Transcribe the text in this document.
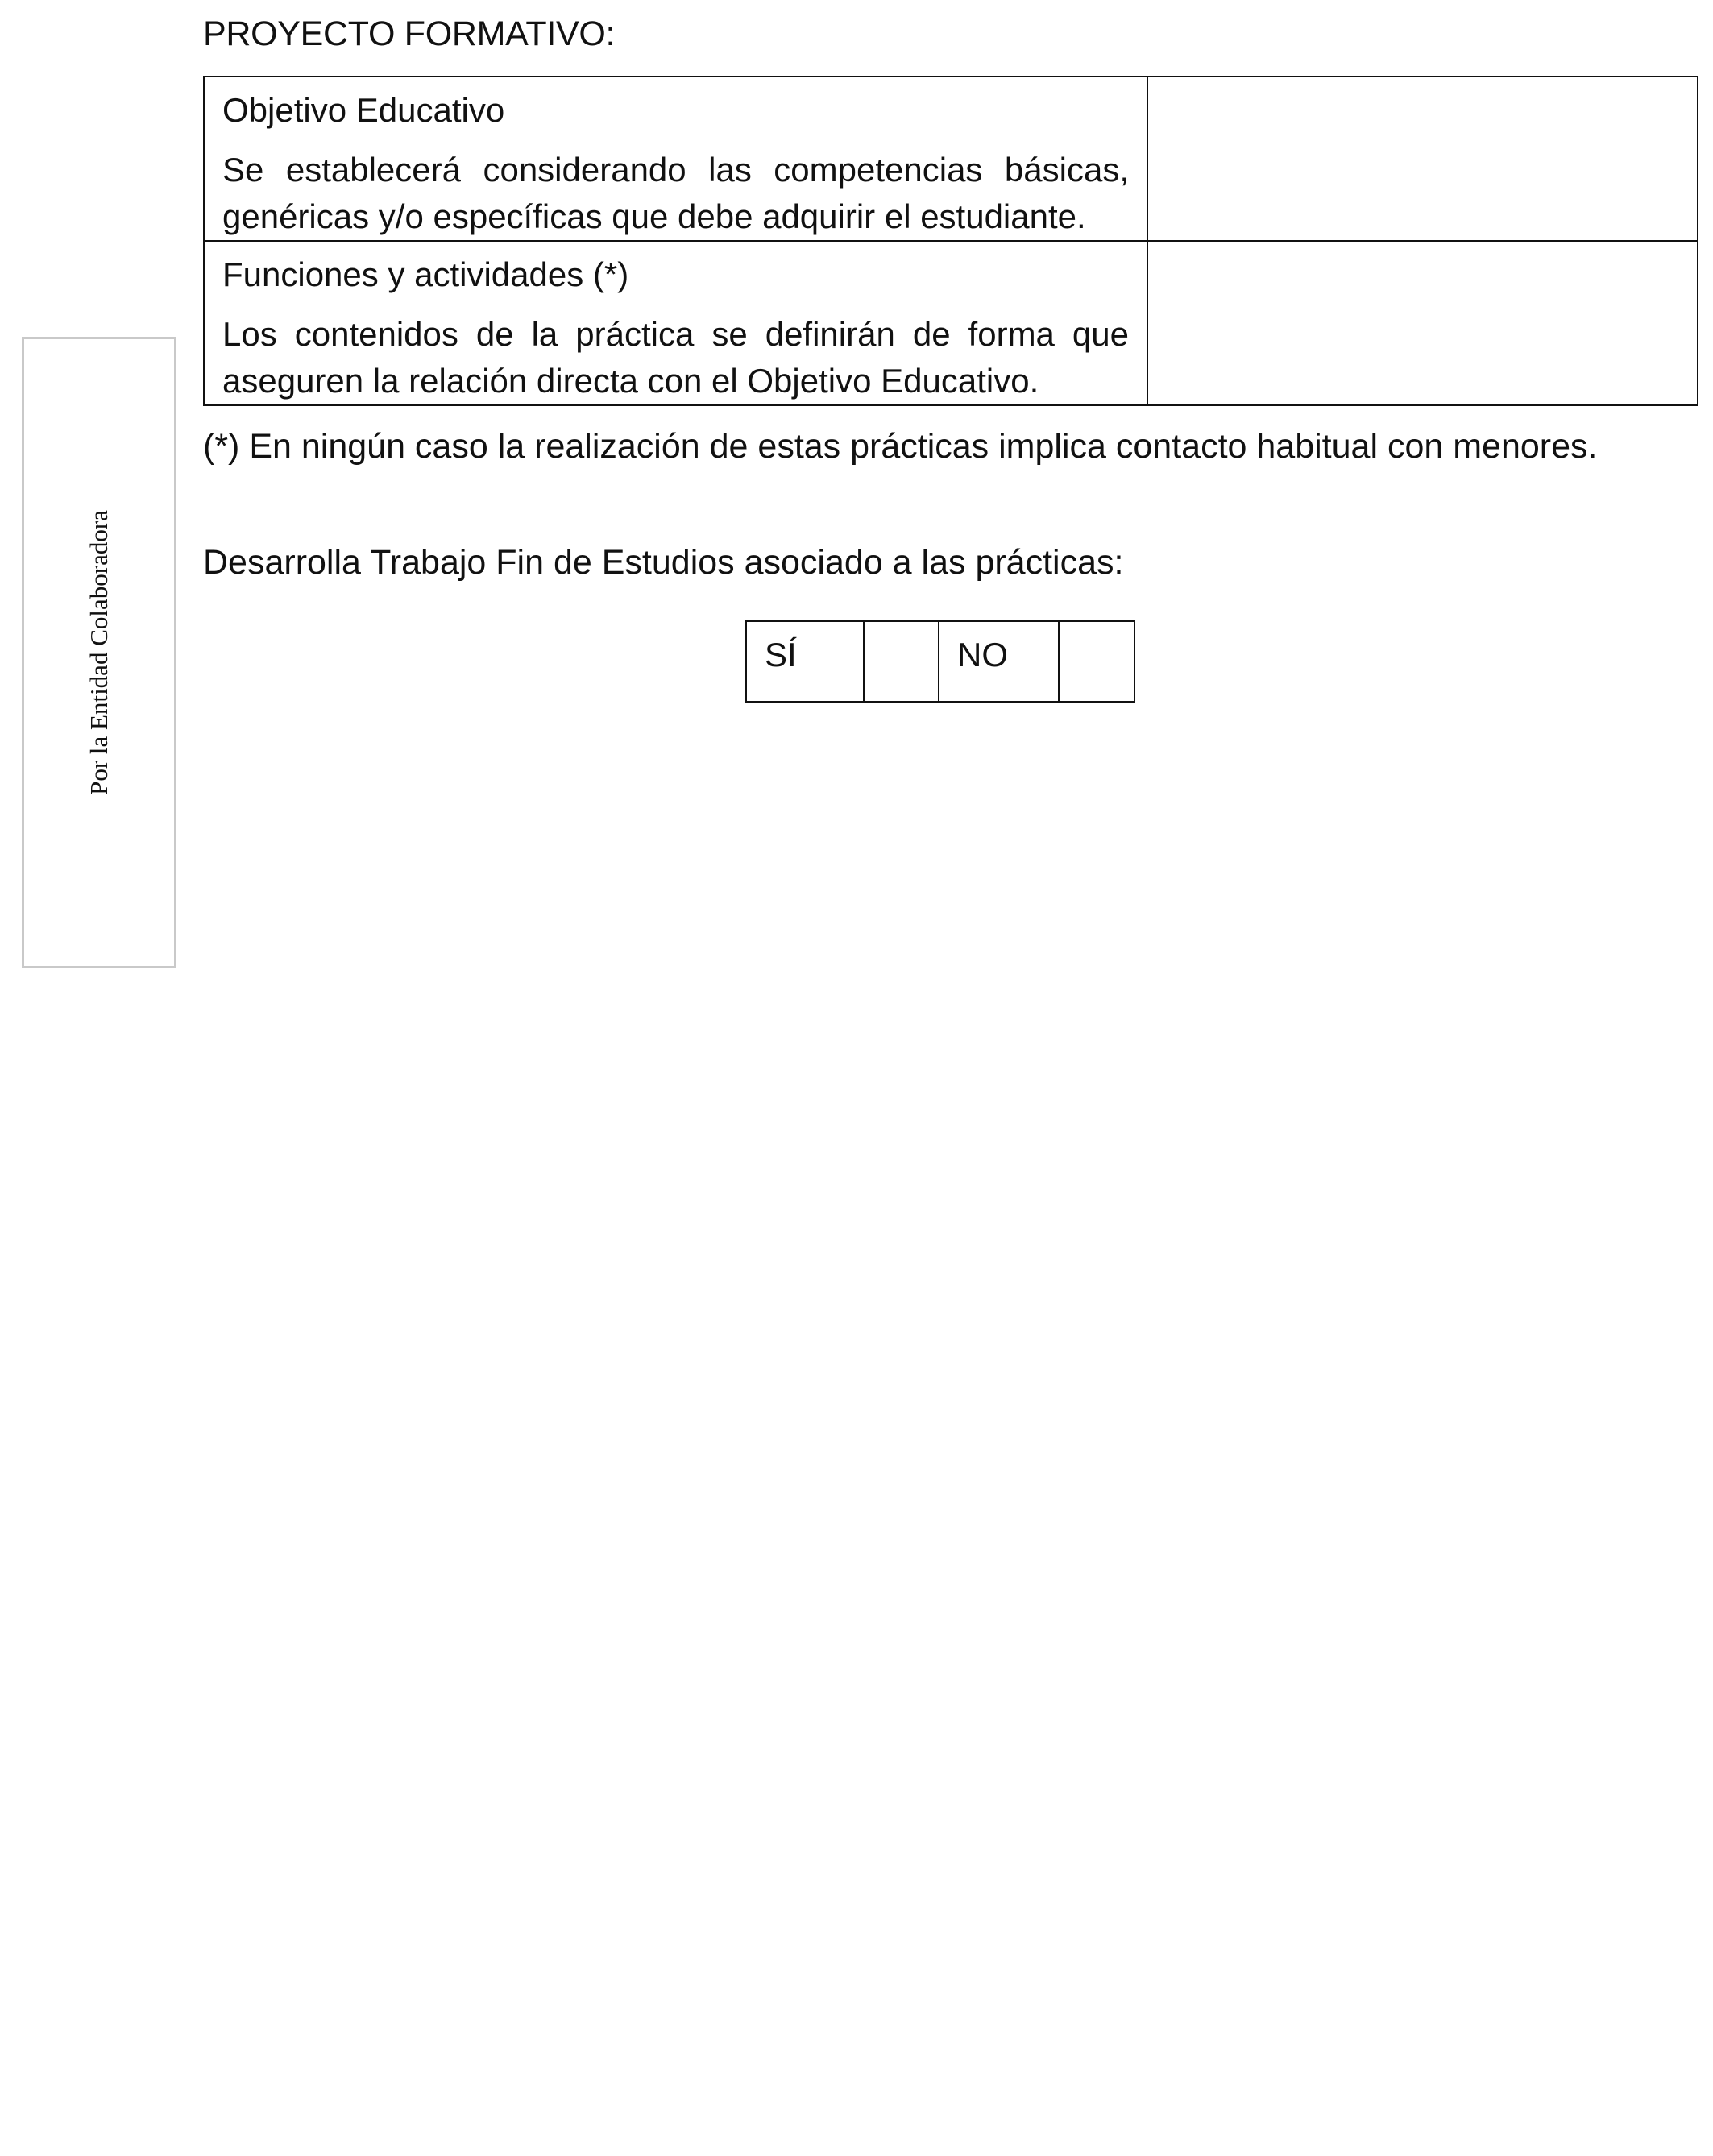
PROYECTO FORMATIVO:
Objetivo Educativo
Se establecerá considerando las competencias básicas, genéricas y/o específicas que debe adquirir el estudiante.	

Funciones y actividades (*)
Los contenidos de la práctica se definirán de forma que aseguren la relación directa con el Objetivo Educativo.	

(*) En ningún caso la realización de estas prácticas implica contacto habitual con menores.
Desarrolla Trabajo Fin de Estudios asociado a las prácticas:
SÍ		NO	
Por la Entidad Colaboradora
